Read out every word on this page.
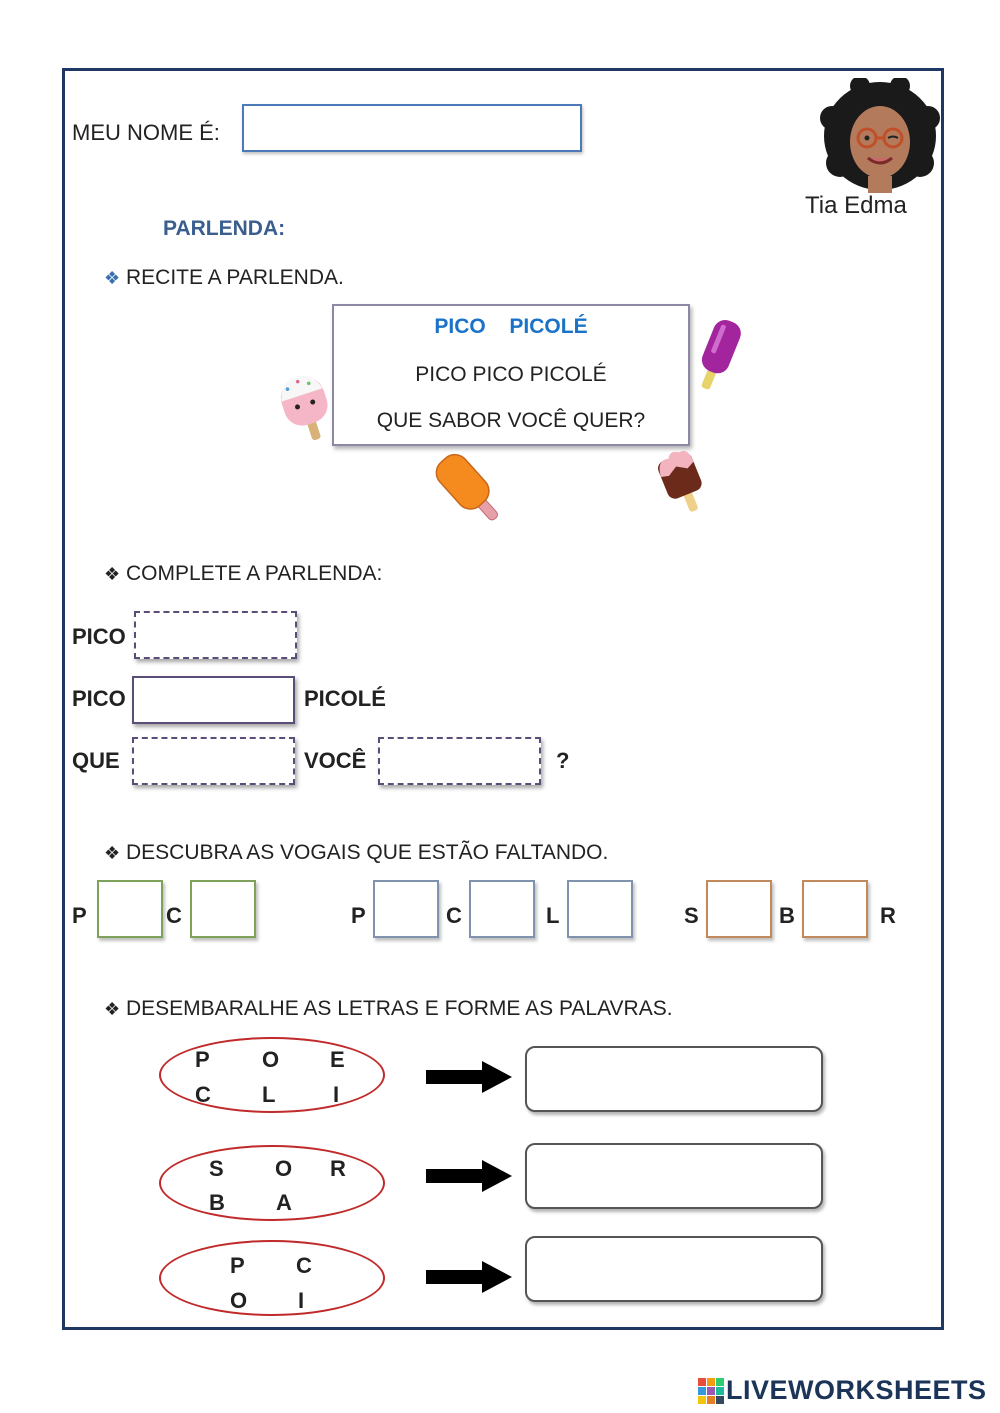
MEU NOME É:
Tia Edma
PARLENDA:
❖ RECITE A PARLENDA.
PICO  PICOLÉ
PICO PICO PICOLÉ
QUE SABOR VOCÊ QUER?
❖ COMPLETE A PARLENDA:
PICO
PICO	PICOLÉ
QUE	VOCÊ	?
❖ DESCUBRA AS VOGAIS QUE ESTÃO FALTANDO.
P	C	P	C	L	S	B	R
❖ DESEMBARALHE AS LETRAS E FORME AS PALAVRAS.
P O E
C L	I
S O R
B A
P C
O I
LIVEWORKSHEETS
